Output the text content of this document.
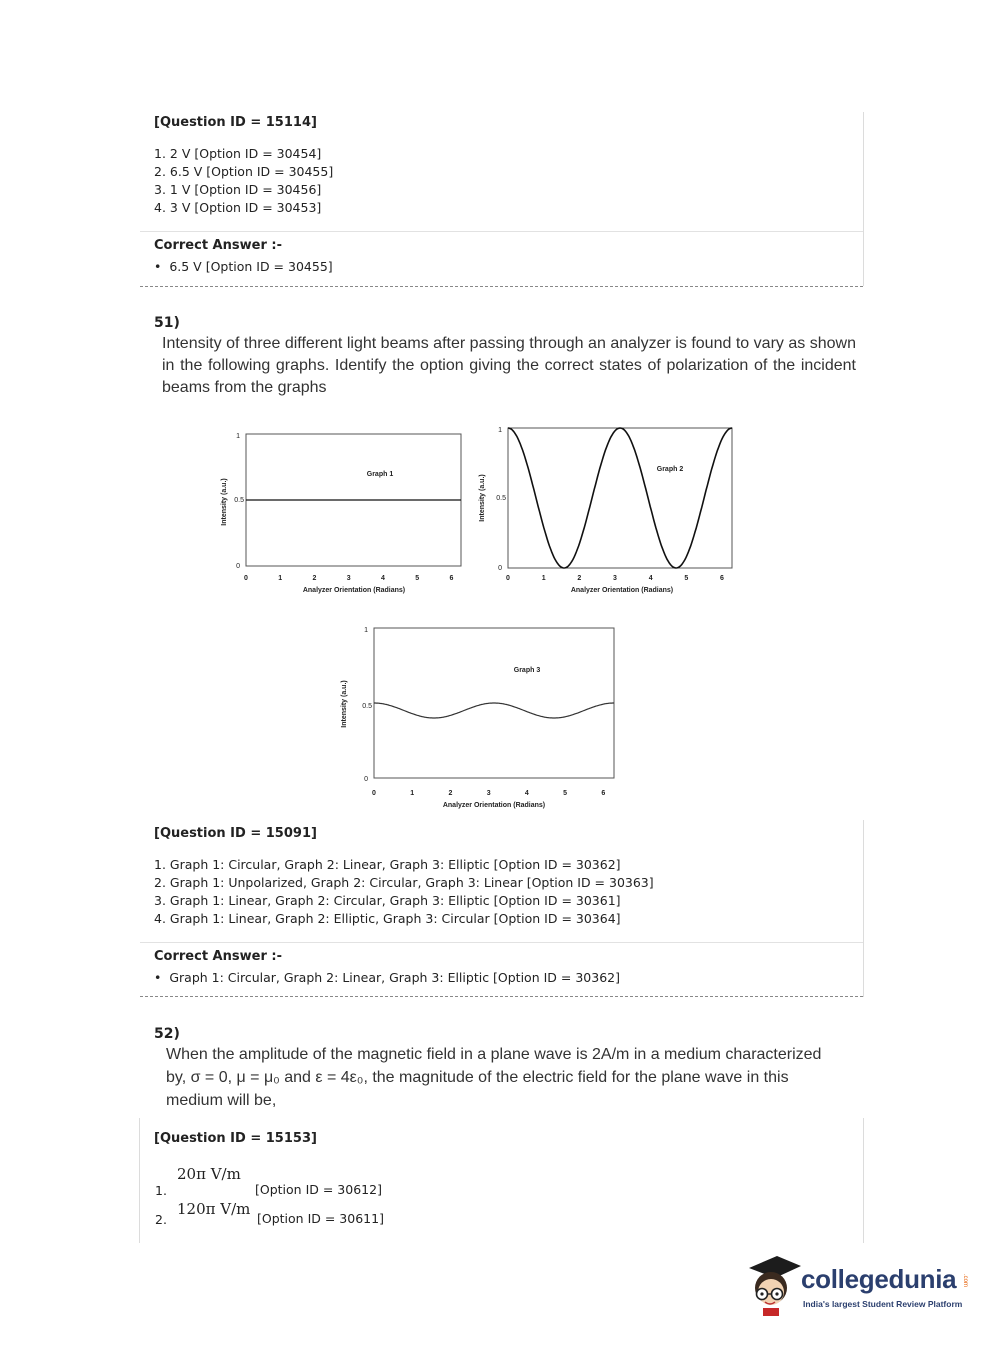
[Question ID = 15114]
1. 2 V [Option ID = 30454]
2. 6.5 V [Option ID = 30455]
3. 1 V [Option ID = 30456]
4. 3 V [Option ID = 30453]
Correct Answer :-
•  6.5 V [Option ID = 30455]
51)
Intensity of three different light beams after passing through an analyzer is found to vary as shown in the following graphs. Identify the option giving the correct states of polarization of the incident beams from the graphs
Graph 1
1
0.5
0
0	1	2	3	4	5	6
Analyzer Orientation (Radians)
Intensity (a.u.)
Graph 2
1
0.5
0
0	1	2	3	4	5	6
Analyzer Orientation (Radians)
Intensity (a.u.)
Graph 3
1
0.5
0
0	1	2	3	4	5	6
Analyzer Orientation (Radians)
Intensity (a.u.)
[Question ID = 15091]
1. Graph 1: Circular, Graph 2: Linear, Graph 3: Elliptic [Option ID = 30362]
2. Graph 1: Unpolarized, Graph 2: Circular, Graph 3: Linear [Option ID = 30363]
3. Graph 1: Linear, Graph 2: Circular, Graph 3: Elliptic [Option ID = 30361]
4. Graph 1: Linear, Graph 2: Elliptic, Graph 3: Circular [Option ID = 30364]
Correct Answer :-
•  Graph 1: Circular, Graph 2: Linear, Graph 3: Elliptic [Option ID = 30362]
52)
When the amplitude of the magnetic field in a plane wave is 2A/m in a medium characterized
by, σ = 0, μ = μ₀ and ε = 4ε₀, the magnitude of the electric field for the plane wave in this
medium will be,
[Question ID = 15153]
1.
20π V/m
[Option ID = 30612]
2.
120π V/m
[Option ID = 30611]
collegedunia .com
India's largest Student Review Platform
